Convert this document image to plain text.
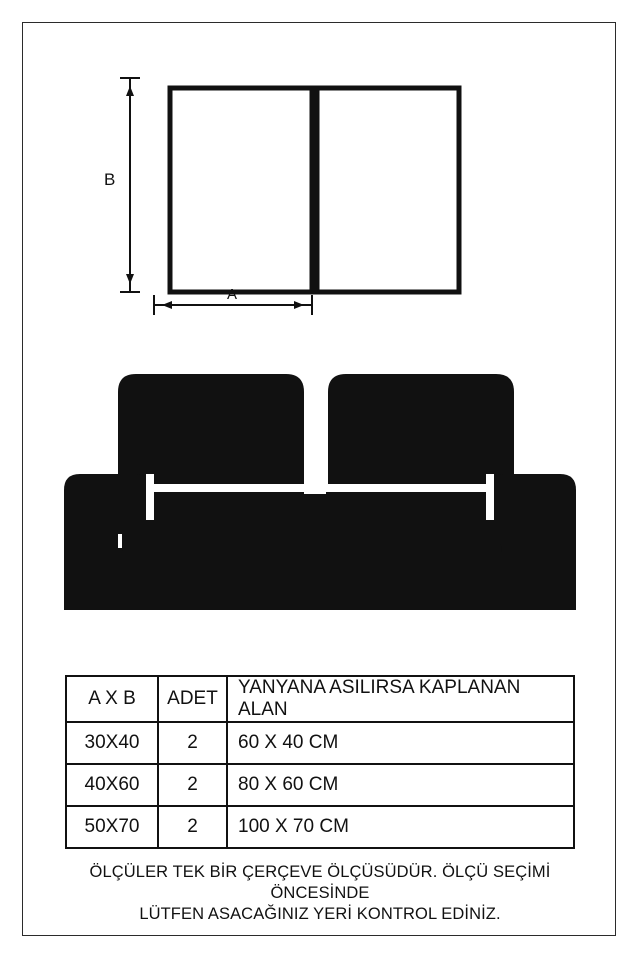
B
A
A X B	ADET	YANYANA ASILIRSA KAPLANAN ALAN
30X40	2	60 X 40 CM
40X60	2	80 X 60 CM
50X70	2	100 X 70 CM
ÖLÇÜLER TEK BİR ÇERÇEVE ÖLÇÜSÜDÜR. ÖLÇÜ SEÇİMİ ÖNCESİNDE
LÜTFEN ASACAĞINIZ YERİ KONTROL EDİNİZ.
